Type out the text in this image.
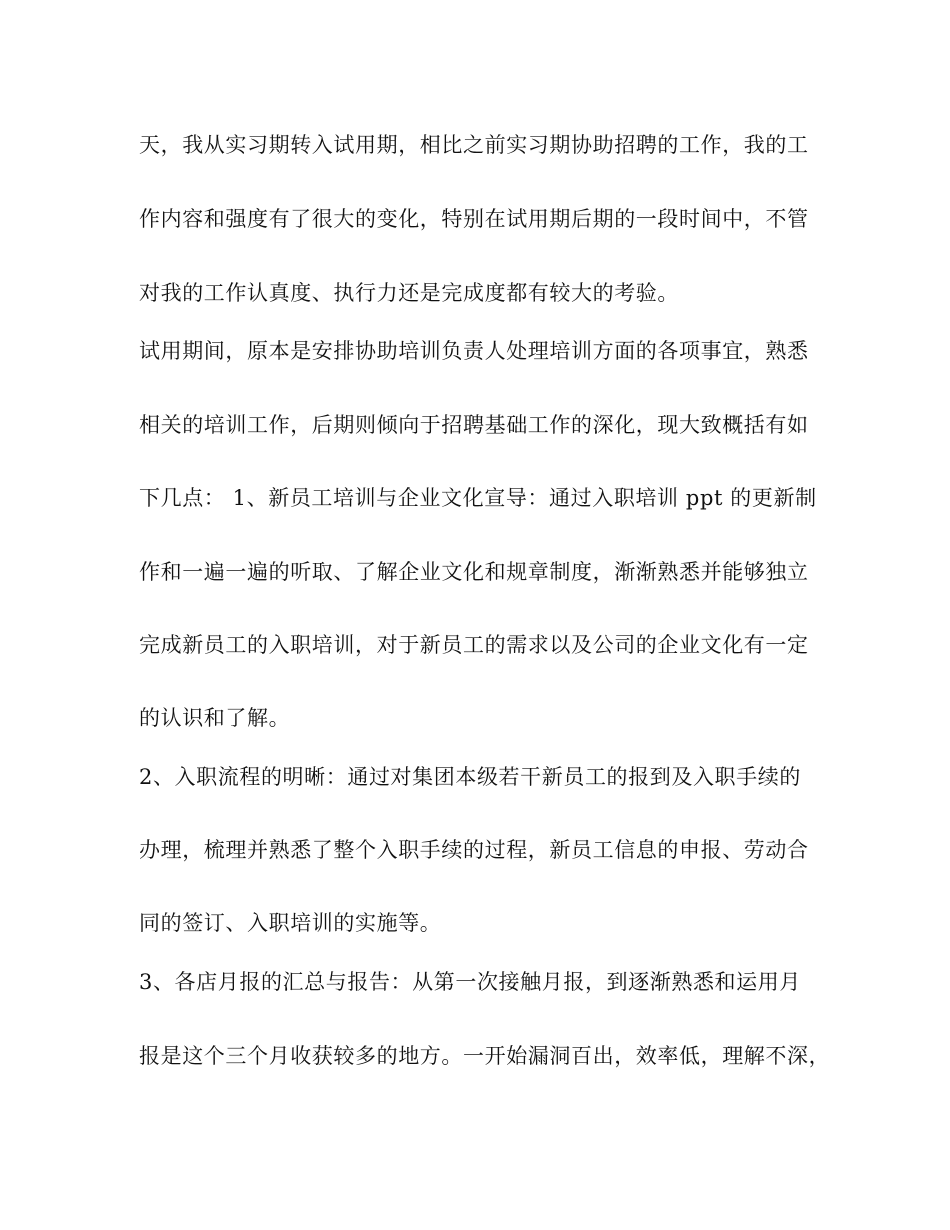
天，我从实习期转入试用期，相比之前实习期协助招聘的工作，我的工
作内容和强度有了很大的变化，特别在试用期后期的一段时间中，不管
对我的工作认真度、执行力还是完成度都有较大的考验。
试用期间，原本是安排协助培训负责人处理培训方面的各项事宜，熟悉
相关的培训工作，后期则倾向于招聘基础工作的深化，现大致概括有如
下几点： 1、新员工培训与企业文化宣导：通过入职培训 ppt 的更新制
作和一遍一遍的听取、了解企业文化和规章制度，渐渐熟悉并能够独立
完成新员工的入职培训，对于新员工的需求以及公司的企业文化有一定
的认识和了解。
2、入职流程的明晰：通过对集团本级若干新员工的报到及入职手续的
办理，梳理并熟悉了整个入职手续的过程，新员工信息的申报、劳动合
同的签订、入职培训的实施等。
3、各店月报的汇总与报告：从第一次接触月报，到逐渐熟悉和运用月
报是这个三个月收获较多的地方。一开始漏洞百出，效率低，理解不深，
